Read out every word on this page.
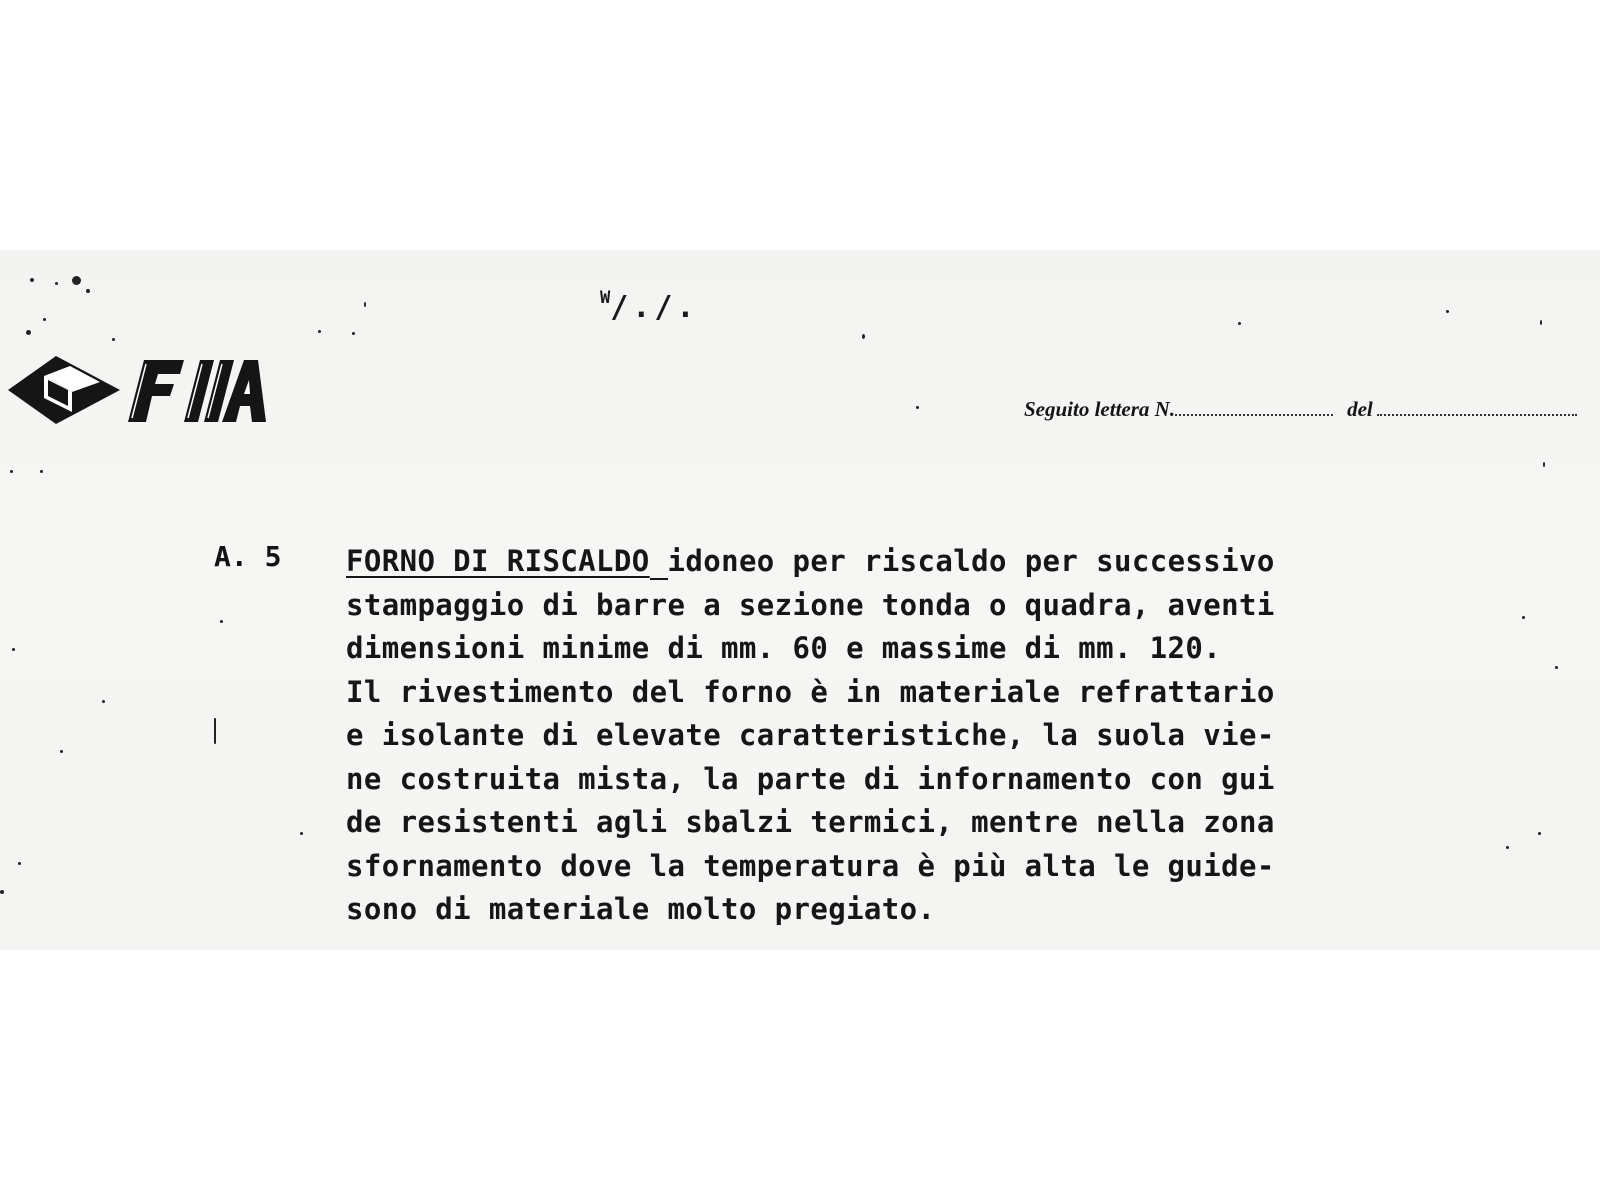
$^W$/./.
Seguito lettera N.	del
A. 5 FORNO DI RISCALDO idoneo per riscaldo per successivo
stampaggio di barre a sezione tonda o quadra, aventi
dimensioni minime di mm. 60 e massime di mm. 120.
Il rivestimento del forno è in materiale refrattario
e isolante di elevate caratteristiche, la suola vie-
ne costruita mista, la parte di infornamento con gui
de resistenti agli sbalzi termici, mentre nella zona
sfornamento dove la temperatura è più alta le guide-
sono di materiale molto pregiato.
